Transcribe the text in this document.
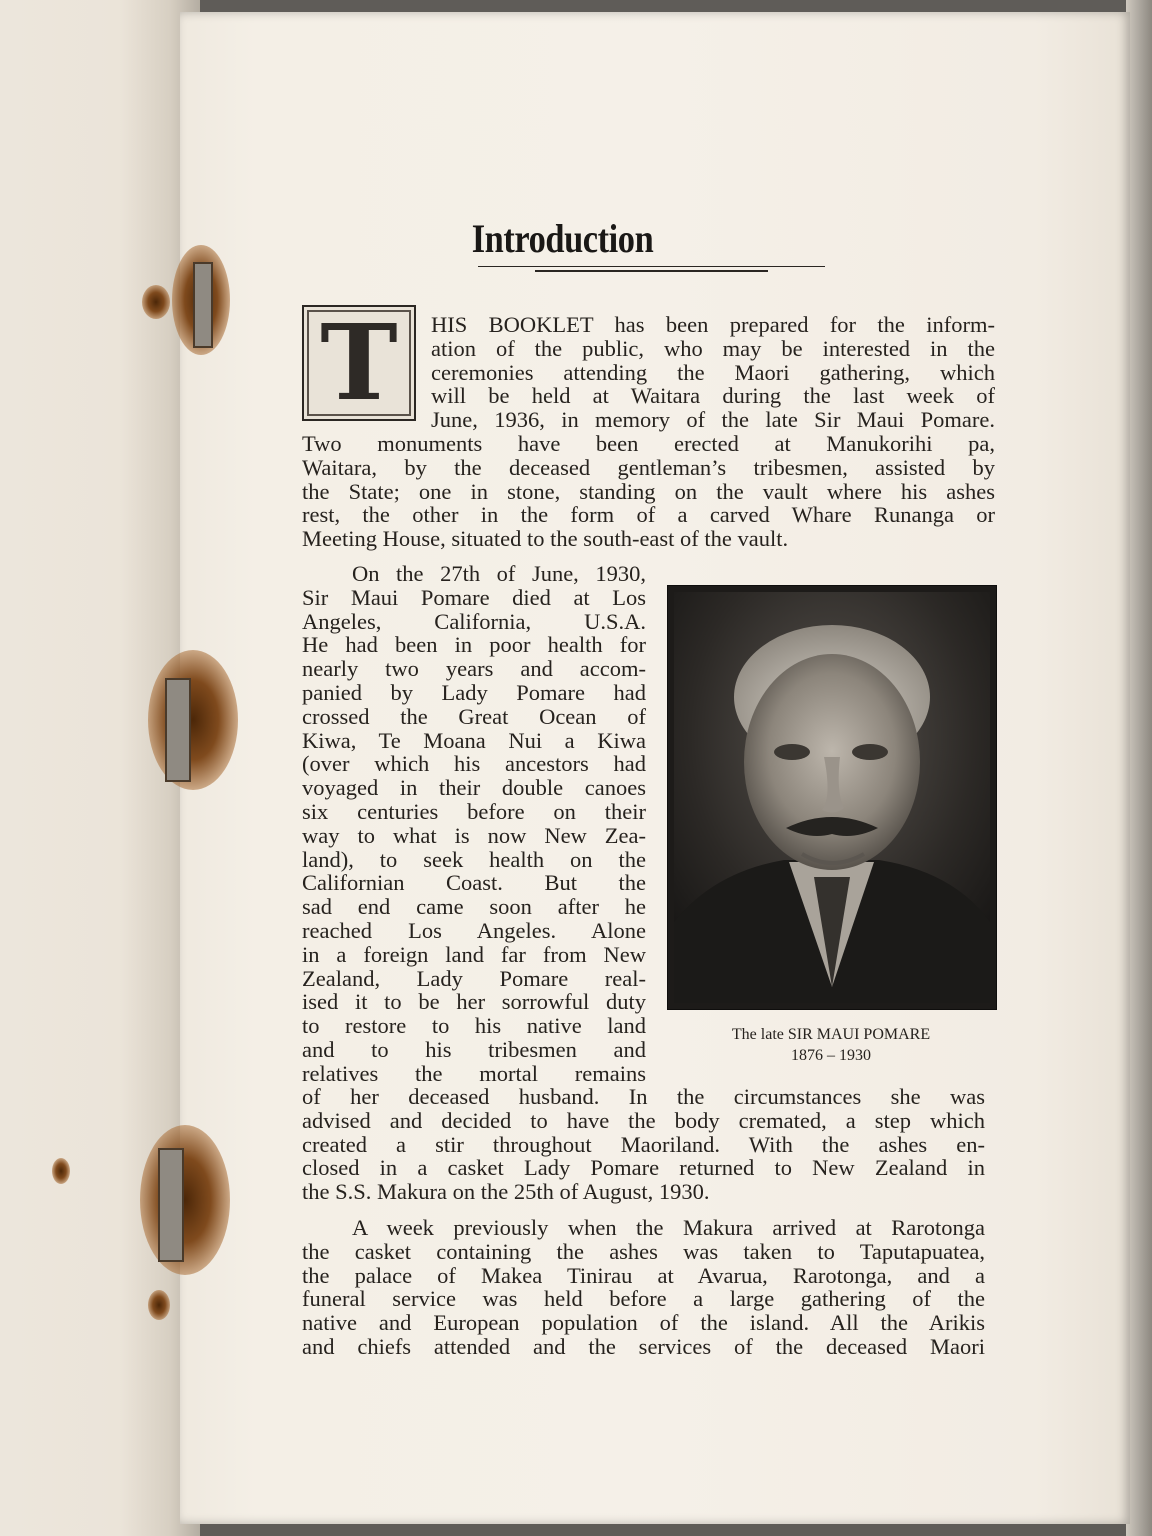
Introduction
T	HIS BOOKLET has been prepared for the inform-
ation of the public, who may be interested in the
ceremonies attending the Maori gathering, which
will be held at Waitara during the last week of
June, 1936, in memory of the late Sir Maui Pomare.
Two monuments have been erected at Manukorihi pa,
Waitara, by the deceased gentleman’s tribesmen, assisted by
the State; one in stone, standing on the vault where his ashes
rest, the other in the form of a carved Whare Runanga or
Meeting House, situated to the south-east of the vault.
On the 27th of June, 1930,
Sir Maui Pomare died at Los
Angeles, California, U.S.A.
He had been in poor health for
nearly two years and accom-
panied by Lady Pomare had
crossed the Great Ocean of
Kiwa, Te Moana Nui a Kiwa
(over which his ancestors had
voyaged in their double canoes
six centuries before on their
way to what is now New Zea-
land), to seek health on the
Californian Coast. But the
sad end came soon after he
reached Los Angeles. Alone
in a foreign land far from New
Zealand, Lady Pomare real-
ised it to be her sorrowful duty
to restore to his native land
and to his tribesmen and
relatives the mortal remains
of her deceased husband. In the circumstances she was
advised and decided to have the body cremated, a step which
created a stir throughout Maoriland. With the ashes en-
closed in a casket Lady Pomare returned to New Zealand in
the S.S. Makura on the 25th of August, 1930.
A week previously when the Makura arrived at Rarotonga
the casket containing the ashes was taken to Taputapuatea,
the palace of Makea Tinirau at Avarua, Rarotonga, and a
funeral service was held before a large gathering of the
native and European population of the island. All the Arikis
and chiefs attended and the services of the deceased Maori

The late SIR MAUI POMARE

1876 – 1930
